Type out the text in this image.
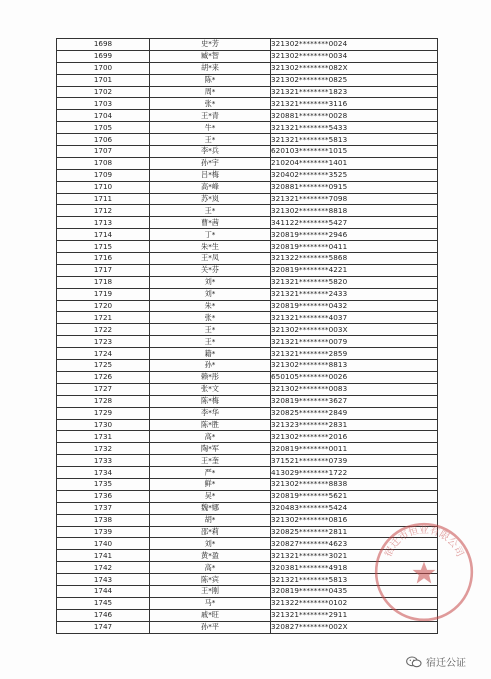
1698	史*芳	321302********0024
1699	臧*智	321302********0034
1700	胡*来	321302********082X
1701	陈*	321302********0825
1702	周*	321321********1823
1703	张*	321321********3116
1704	王*青	320881********0028
1705	牛*	321321********5433
1706	王*	321321********5813
1707	李*兵	620103********1015
1708	孙*宇	210204********1401
1709	吕*梅	320402********3525
1710	高*峰	320881********0915
1711	苏*岚	321321********7098
1712	王*	321302********8818
1713	曹*茜	341122********5427
1714	丁*	320819********2946
1715	朱*生	320819********0411
1716	王*凤	321322********5868
1717	关*芬	320819********4221
1718	刘*	321321********5820
1719	刘*	321321********2433
1720	朱*	320819********0432
1721	张*	321321********4037
1722	王*	321302********003X
1723	王*	321321********0079
1724	籍*	321321********2859
1725	孙*	321302********8813
1726	赖*彤	650105********0026
1727	张*文	321302********0083
1728	陈*梅	320819********3627
1729	李*华	320825********2849
1730	陈*胜	321323********2831
1731	高*	321302********2016
1732	陶*军	320819********0011
1733	王*奎	371521********0739
1734	严*	413029********1722
1735	鲜*	321302********8838
1736	吴*	320819********5621
1737	魏*娜	320483********5424
1738	胡*	321302********0816
1739	邵*莉	320825********2811
1740	刘*	320827********4623
1741	黄*盈	321321********3021
1742	高*	320381********4918
1743	陈*宾	321321********5813
1744	王*刚	320819********0435
1745	马*	321322********0102
1746	戚*旺	321321********2911
1747	孙*平	320827********002X
宿迁市恒业有限公司
宿迁公证
